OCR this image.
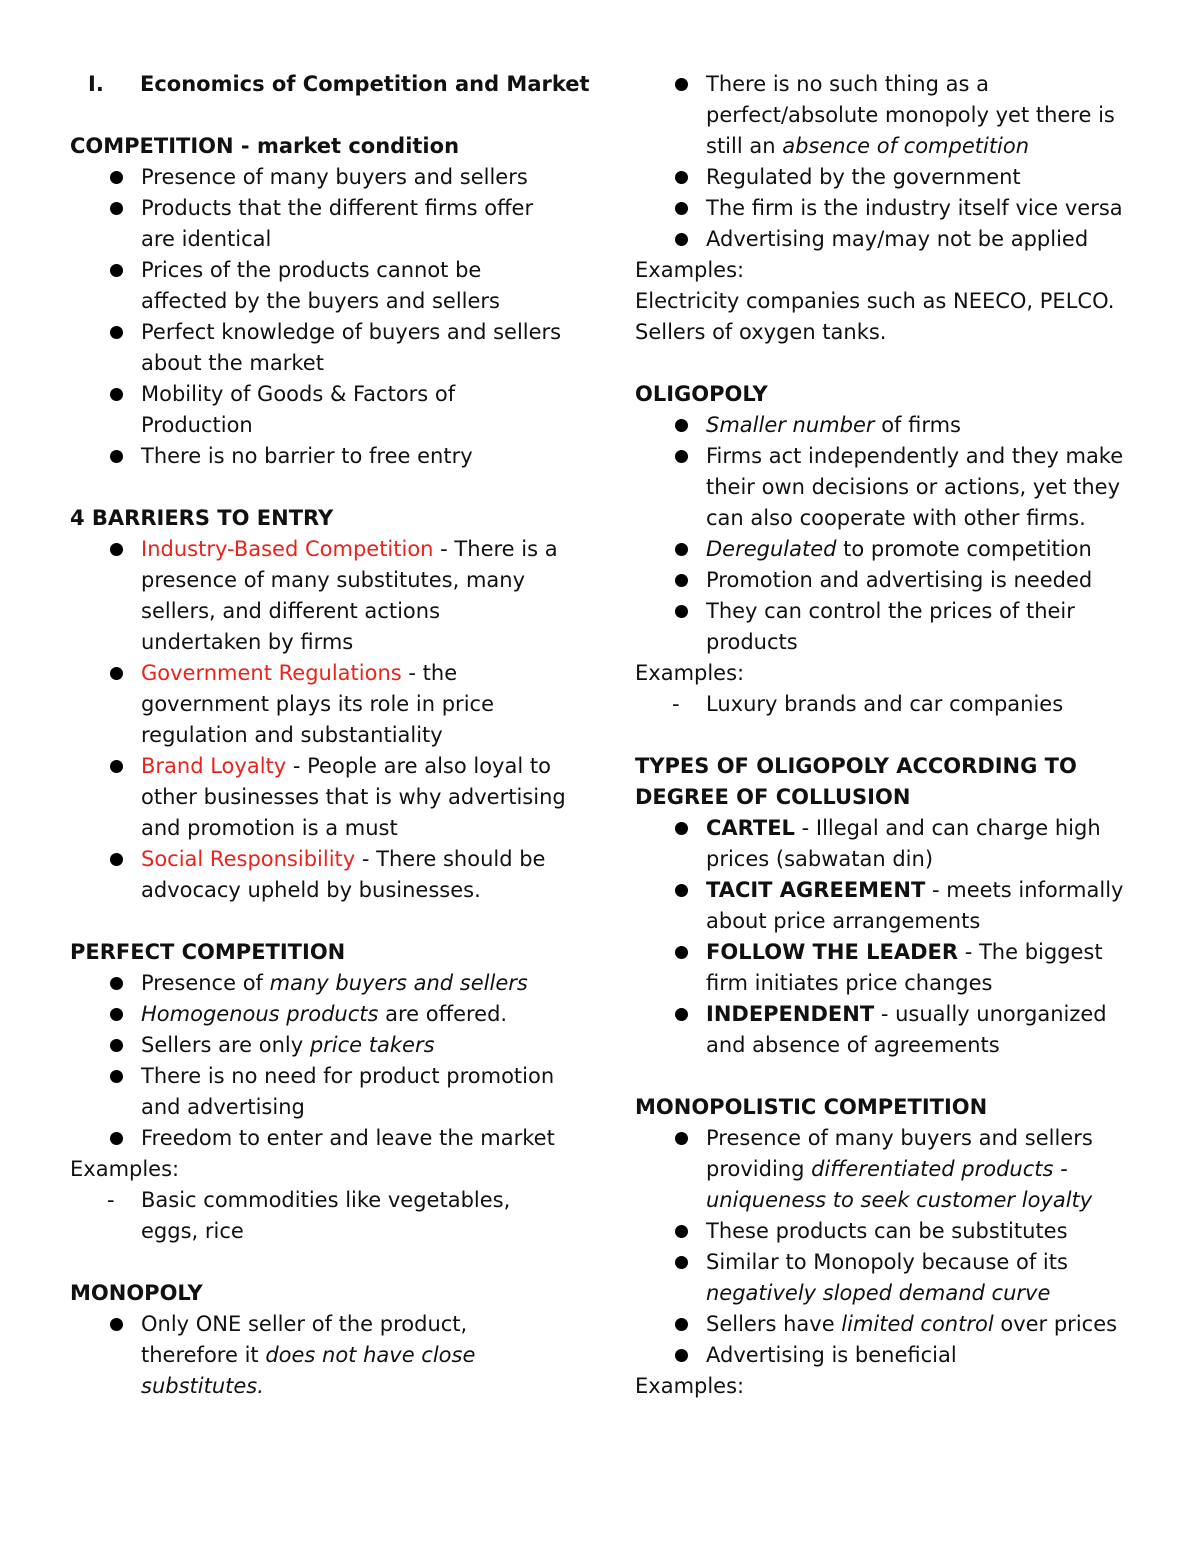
I. Economics of Competition and Market
COMPETITION - market condition
Presence of many buyers and sellers
Products that the different firms offer
are identical
Prices of the products cannot be
affected by the buyers and sellers
Perfect knowledge of buyers and sellers
about the market
Mobility of Goods & Factors of
Production
There is no barrier to free entry
4 BARRIERS TO ENTRY
Industry-Based Competition - There is a
presence of many substitutes, many
sellers, and different actions
undertaken by firms
Government Regulations - the
government plays its role in price
regulation and substantiality
Brand Loyalty - People are also loyal to
other businesses that is why advertising
and promotion is a must
Social Responsibility - There should be
advocacy upheld by businesses.
PERFECT COMPETITION
Presence of many buyers and sellers
Homogenous products are offered.
Sellers are only price takers
There is no need for product promotion
and advertising
Freedom to enter and leave the market
Examples:
- Basic commodities like vegetables,
eggs, rice
MONOPOLY
Only ONE seller of the product,
therefore it does not have close
substitutes.
There is no such thing as a
perfect/absolute monopoly yet there is
still an absence of competition
Regulated by the government
The firm is the industry itself vice versa
Advertising may/may not be applied
Examples:
Electricity companies such as NEECO, PELCO.
Sellers of oxygen tanks.
OLIGOPOLY
Smaller number of firms
Firms act independently and they make
their own decisions or actions, yet they
can also cooperate with other firms.
Deregulated to promote competition
Promotion and advertising is needed
They can control the prices of their
products
Examples:
- Luxury brands and car companies
TYPES OF OLIGOPOLY ACCORDING TO
DEGREE OF COLLUSION
CARTEL - Illegal and can charge high
prices (sabwatan din)
TACIT AGREEMENT - meets informally
about price arrangements
FOLLOW THE LEADER - The biggest
firm initiates price changes
INDEPENDENT - usually unorganized
and absence of agreements
MONOPOLISTIC COMPETITION
Presence of many buyers and sellers
providing differentiated products -
uniqueness to seek customer loyalty
These products can be substitutes
Similar to Monopoly because of its
negatively sloped demand curve
Sellers have limited control over prices
Advertising is beneficial
Examples:
